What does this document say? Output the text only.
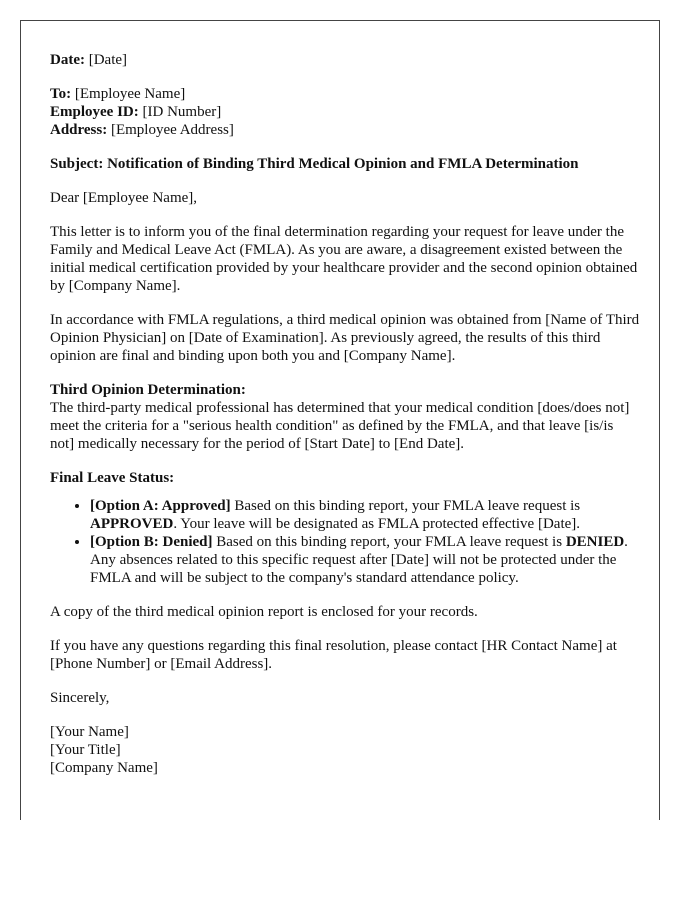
Date: [Date]

To: [Employee Name]
Employee ID: [ID Number]
Address: [Employee Address]

Subject: Notification of Binding Third Medical Opinion and FMLA Determination

Dear [Employee Name],

This letter is to inform you of the final determination regarding your request for leave under the Family and Medical Leave Act (FMLA). As you are aware, a disagreement existed between the initial medical certification provided by your healthcare provider and the second opinion obtained by [Company Name].

In accordance with FMLA regulations, a third medical opinion was obtained from [Name of Third Opinion Physician] on [Date of Examination]. As previously agreed, the results of this third opinion are final and binding upon both you and [Company Name].

Third Opinion Determination:
The third-party medical professional has determined that your medical condition [does/does not] meet the criteria for a "serious health condition" as defined by the FMLA, and that leave [is/is not] medically necessary for the period of [Start Date] to [End Date].

Final Leave Status:

• [Option A: Approved] Based on this binding report, your FMLA leave request is APPROVED. Your leave will be designated as FMLA protected effective [Date].
• [Option B: Denied] Based on this binding report, your FMLA leave request is DENIED. Any absences related to this specific request after [Date] will not be protected under the FMLA and will be subject to the company's standard attendance policy.

A copy of the third medical opinion report is enclosed for your records.

If you have any questions regarding this final resolution, please contact [HR Contact Name] at [Phone Number] or [Email Address].

Sincerely,

[Your Name]
[Your Title]
[Company Name]
